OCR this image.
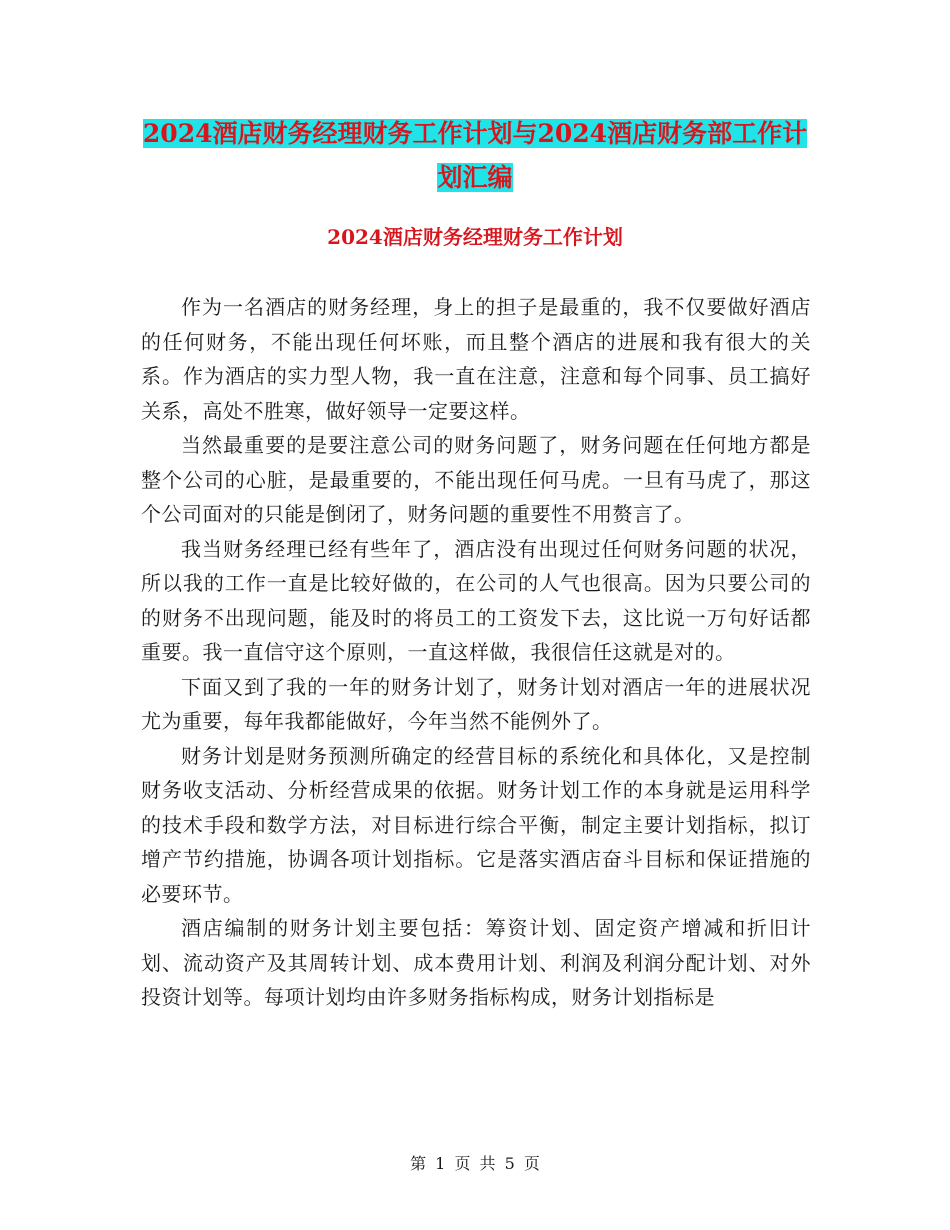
2024酒店财务经理财务工作计划与2024酒店财务部工作计划汇编
2024酒店财务经理财务工作计划

作为一名酒店的财务经理，身上的担子是最重的，我不仅要做好酒店的任何财务，不能出现任何坏账，而且整个酒店的进展和我有很大的关系。作为酒店的实力型人物，我一直在注意，注意和每个同事、员工搞好关系，高处不胜寒，做好领导一定要这样。

当然最重要的是要注意公司的财务问题了，财务问题在任何地方都是整个公司的心脏，是最重要的，不能出现任何马虎。一旦有马虎了，那这个公司面对的只能是倒闭了，财务问题的重要性不用赘言了。

我当财务经理已经有些年了，酒店没有出现过任何财务问题的状况，所以我的工作一直是比较好做的，在公司的人气也很高。因为只要公司的的财务不出现问题，能及时的将员工的工资发下去，这比说一万句好话都重要。我一直信守这个原则，一直这样做，我很信任这就是对的。

下面又到了我的一年的财务计划了，财务计划对酒店一年的进展状况尤为重要，每年我都能做好，今年当然不能例外了。

财务计划是财务预测所确定的经营目标的系统化和具体化，又是控制财务收支活动、分析经营成果的依据。财务计划工作的本身就是运用科学的技术手段和数学方法，对目标进行综合平衡，制定主要计划指标，拟订增产节约措施，协调各项计划指标。它是落实酒店奋斗目标和保证措施的必要环节。

酒店编制的财务计划主要包括：筹资计划、固定资产增减和折旧计划、流动资产及其周转计划、成本费用计划、利润及利润分配计划、对外投资计划等。每项计划均由许多财务指标构成，财务计划指标是

第 1 页 共 5 页
